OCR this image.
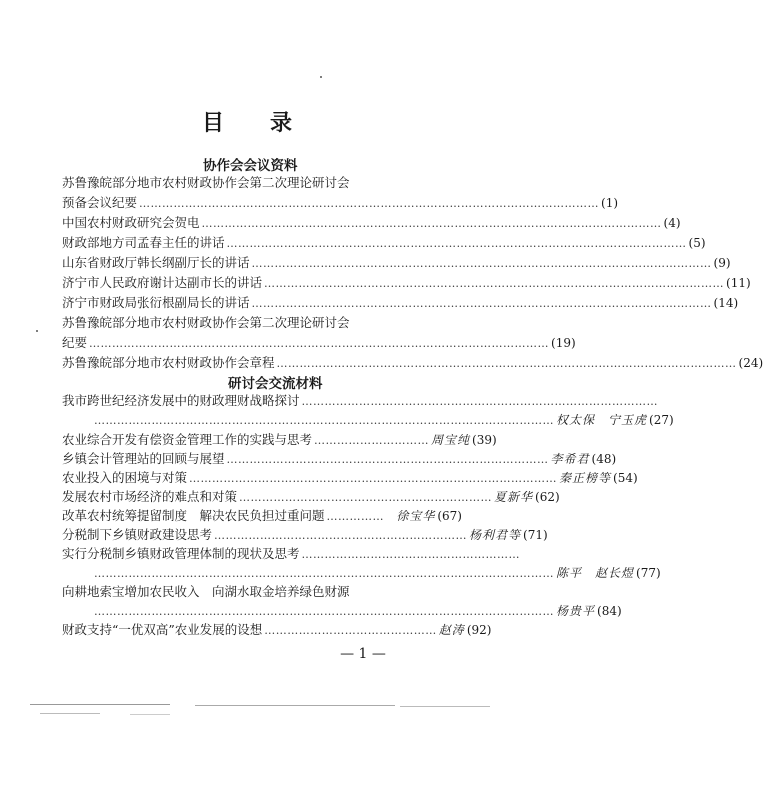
目 录
协作会会议资料
苏鲁豫皖部分地市农村财政协作会第二次理论研讨会
预备会议纪要 ………………………………………………………………………………………………………… (1)
中国农村财政研究会贺电 ………………………………………………………………………………………………………… (4)
财政部地方司孟春主任的讲话 ………………………………………………………………………………………………………… (5)
山东省财政厅韩长纲副厅长的讲话 ………………………………………………………………………………………………………… (9)
济宁市人民政府谢计达副市长的讲话 ………………………………………………………………………………………………………… (11)
济宁市财政局张衍根副局长的讲话 ………………………………………………………………………………………………………… (14)
苏鲁豫皖部分地市农村财政协作会第二次理论研讨会
纪要 ………………………………………………………………………………………………………… (19)
苏鲁豫皖部分地市农村财政协作会章程 ………………………………………………………………………………………………………… (24)
研讨会交流材料
我市跨世纪经济发展中的财政理财战略探讨 …………………………………………………………………………………
………………………………………………………………………………………………………… 权太保　宁玉虎 (27)
农业综合开发有偿资金管理工作的实践与思考 ………………………… 周宝纯 (39)
乡镇会计管理站的回顾与展望 ………………………………………………………………………… 李希君 (48)
农业投入的困境与对策 …………………………………………………………………………………… 秦正榜等 (54)
发展农村市场经济的难点和对策 ………………………………………………………… 夏新华 (62)
改革农村统筹提留制度　解决农民负担过重问题 ……………	徐宝华 (67)
分税制下乡镇财政建设思考 ………………………………………………………… 杨利君等 (71)
实行分税制乡镇财政管理体制的现状及思考 …………………………………………………
………………………………………………………………………………………………………… 陈平　赵长煜 (77)
向耕地索宝增加农民收入　向湖水取金培养绿色财源
………………………………………………………………………………………………………… 杨贵平 (84)
财政支持“一优双高”农业发展的设想 ……………………………………… 赵涛 (92)
— 1 —
